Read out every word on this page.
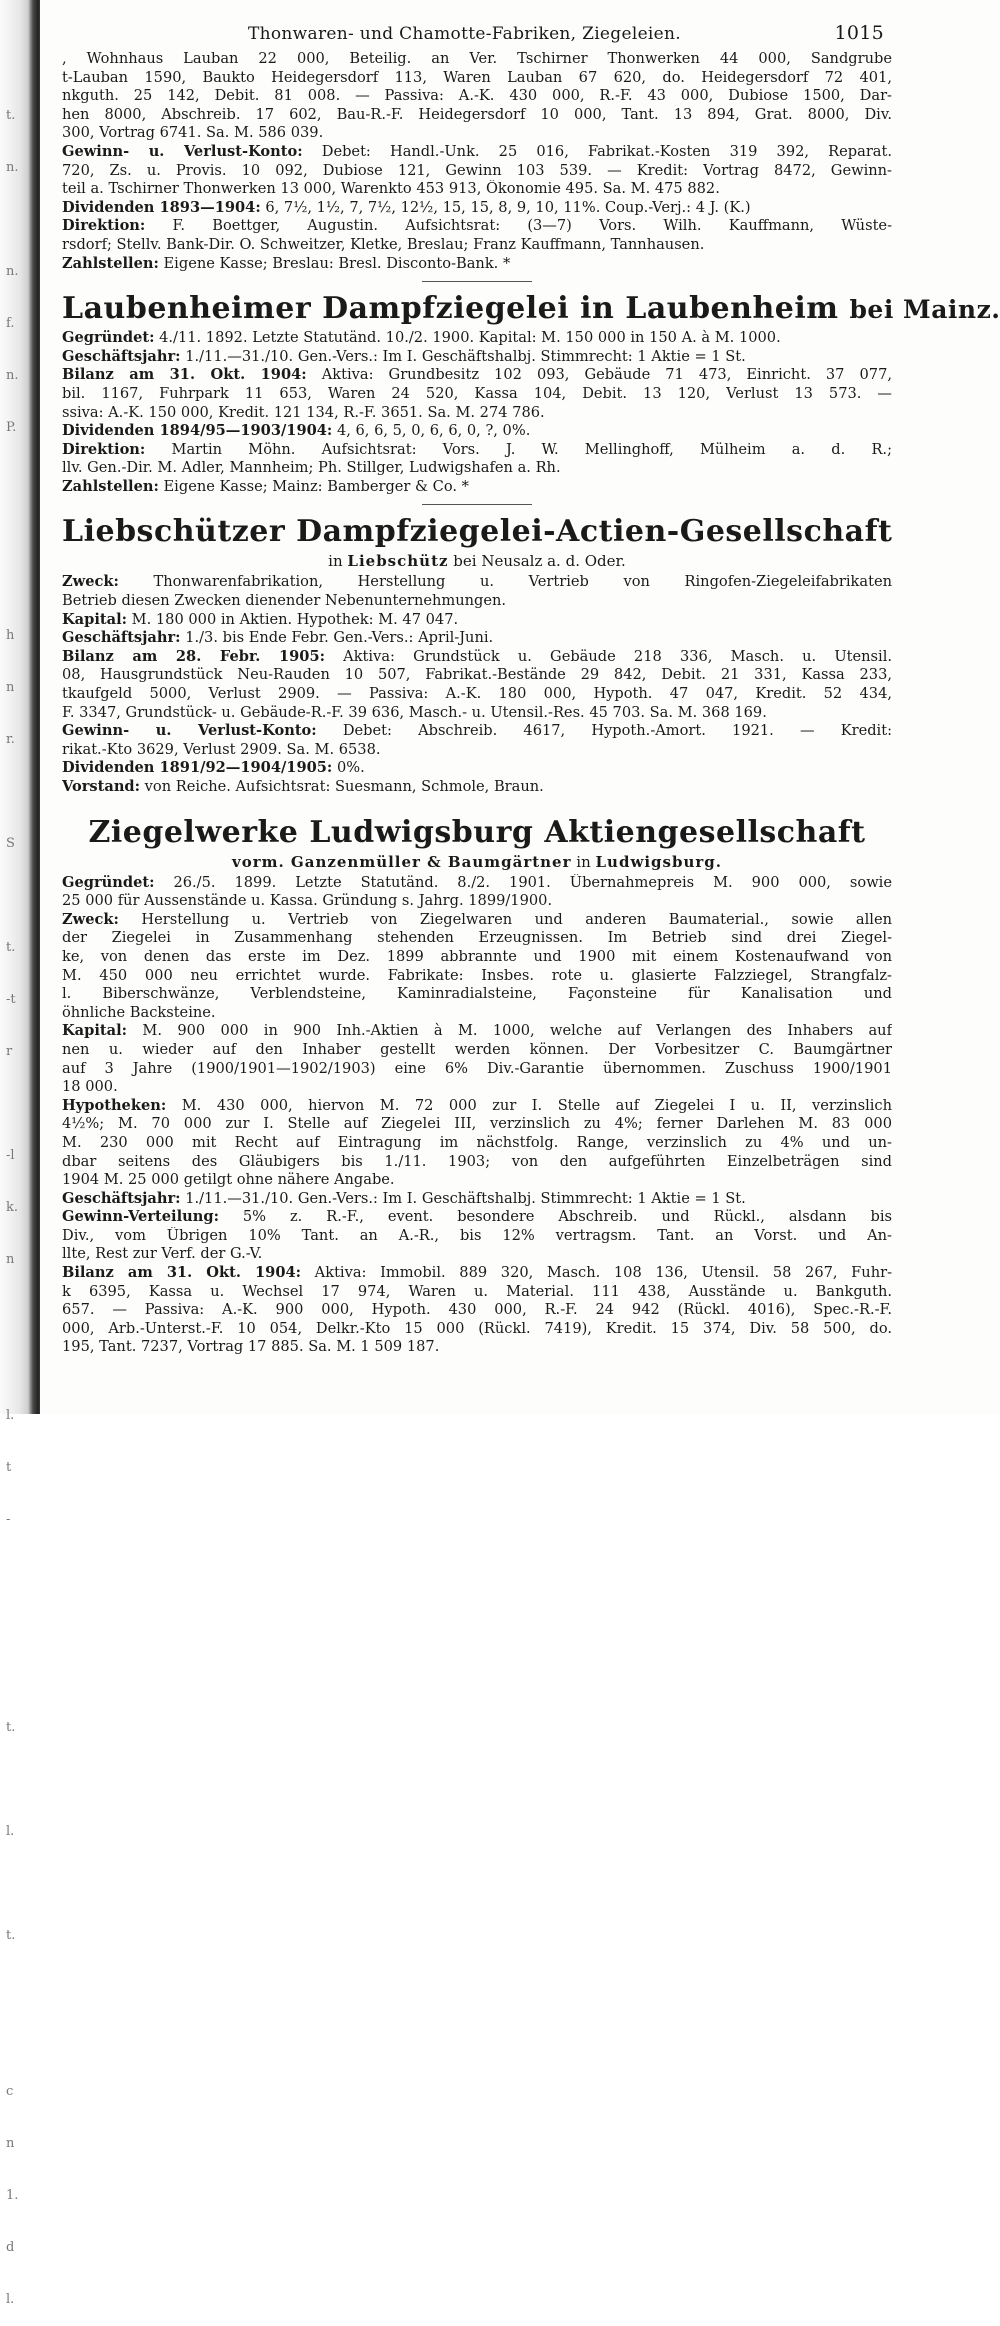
t.
n.

n.
f.
n.
P.

h
n
r.

S

t.
-t
r

-l
k.
n

l.
t
-

t.

l.

t.

c
n
1.
d
l.
Thonwaren- und Chamotte-Fabriken, Ziegeleien.	1015

, Wohnhaus Lauban 22 000, Beteilig. an Ver. Tschirner Thonwerken 44 000, Sandgrube

t-Lauban 1590, Baukto Heidegersdorf 113, Waren Lauban 67 620, do. Heidegersdorf 72 401,

nkguth. 25 142, Debit. 81 008. — Passiva: A.-K. 430 000, R.-F. 43 000, Dubiose 1500, Dar-

hen 8000, Abschreib. 17 602, Bau-R.-F. Heidegersdorf 10 000, Tant. 13 894, Grat. 8000, Div.

300, Vortrag 6741. Sa. M. 586 039.

Gewinn- u. Verlust-Konto: Debet: Handl.-Unk. 25 016, Fabrikat.-Kosten 319 392, Reparat.

720, Zs. u. Provis. 10 092, Dubiose 121, Gewinn 103 539. — Kredit: Vortrag 8472, Gewinn-

teil a. Tschirner Thonwerken 13 000, Warenkto 453 913, Ökonomie 495. Sa. M. 475 882.

Dividenden 1893—1904: 6, 7½, 1½, 7, 7½, 12½, 15, 15, 8, 9, 10, 11%. Coup.-Verj.: 4 J. (K.)

Direktion: F. Boettger, Augustin. Aufsichtsrat: (3—7) Vors. Wilh. Kauffmann, Wüste-

rsdorf; Stellv. Bank-Dir. O. Schweitzer, Kletke, Breslau; Franz Kauffmann, Tannhausen.

Zahlstellen: Eigene Kasse; Breslau: Bresl. Disconto-Bank. *

Laubenheimer Dampfziegelei in Laubenheim bei Mainz.

Gegründet: 4./11. 1892. Letzte Statutänd. 10./2. 1900. Kapital: M. 150 000 in 150 A. à M. 1000.

Geschäftsjahr: 1./11.—31./10. Gen.-Vers.: Im I. Geschäftshalbj. Stimmrecht: 1 Aktie = 1 St.

Bilanz am 31. Okt. 1904: Aktiva: Grundbesitz 102 093, Gebäude 71 473, Einricht. 37 077,

bil. 1167, Fuhrpark 11 653, Waren 24 520, Kassa 104, Debit. 13 120, Verlust 13 573. —

ssiva: A.-K. 150 000, Kredit. 121 134, R.-F. 3651. Sa. M. 274 786.

Dividenden 1894/95—1903/1904: 4, 6, 6, 5, 0, 6, 6, 0, ?, 0%.

Direktion: Martin Möhn. Aufsichtsrat: Vors. J. W. Mellinghoff, Mülheim a. d. R.;

llv. Gen.-Dir. M. Adler, Mannheim; Ph. Stillger, Ludwigshafen a. Rh.

Zahlstellen: Eigene Kasse; Mainz: Bamberger & Co. *

Liebschützer Dampfziegelei-Actien-Gesellschaft

in Liebschütz bei Neusalz a. d. Oder.

Zweck: Thonwarenfabrikation, Herstellung u. Vertrieb von Ringofen-Ziegeleifabrikaten

Betrieb diesen Zwecken dienender Nebenunternehmungen.

Kapital: M. 180 000 in Aktien. Hypothek: M. 47 047.

Geschäftsjahr: 1./3. bis Ende Febr. Gen.-Vers.: April-Juni.

Bilanz am 28. Febr. 1905: Aktiva: Grundstück u. Gebäude 218 336, Masch. u. Utensil.

08, Hausgrundstück Neu-Rauden 10 507, Fabrikat.-Bestände 29 842, Debit. 21 331, Kassa 233,

tkaufgeld 5000, Verlust 2909. — Passiva: A.-K. 180 000, Hypoth. 47 047, Kredit. 52 434,

F. 3347, Grundstück- u. Gebäude-R.-F. 39 636, Masch.- u. Utensil.-Res. 45 703. Sa. M. 368 169.

Gewinn- u. Verlust-Konto: Debet: Abschreib. 4617, Hypoth.-Amort. 1921. — Kredit:

rikat.-Kto 3629, Verlust 2909. Sa. M. 6538.

Dividenden 1891/92—1904/1905: 0%.

Vorstand: von Reiche. Aufsichtsrat: Suesmann, Schmole, Braun.

Ziegelwerke Ludwigsburg Aktiengesellschaft

vorm. Ganzenmüller & Baumgärtner in Ludwigsburg.

Gegründet: 26./5. 1899. Letzte Statutänd. 8./2. 1901. Übernahmepreis M. 900 000, sowie

25 000 für Aussenstände u. Kassa. Gründung s. Jahrg. 1899/1900.

Zweck: Herstellung u. Vertrieb von Ziegelwaren und anderen Baumaterial., sowie allen

der Ziegelei in Zusammenhang stehenden Erzeugnissen. Im Betrieb sind drei Ziegel-

ke, von denen das erste im Dez. 1899 abbrannte und 1900 mit einem Kostenaufwand von

M. 450 000 neu errichtet wurde. Fabrikate: Insbes. rote u. glasierte Falzziegel, Strangfalz-

l. Biberschwänze, Verblendsteine, Kaminradialsteine, Façonsteine für Kanalisation und

öhnliche Backsteine.

Kapital: M. 900 000 in 900 Inh.-Aktien à M. 1000, welche auf Verlangen des Inhabers auf

nen u. wieder auf den Inhaber gestellt werden können. Der Vorbesitzer C. Baumgärtner

auf 3 Jahre (1900/1901—1902/1903) eine 6% Div.-Garantie übernommen. Zuschuss 1900/1901

18 000.

Hypotheken: M. 430 000, hiervon M. 72 000 zur I. Stelle auf Ziegelei I u. II, verzinslich

4½%; M. 70 000 zur I. Stelle auf Ziegelei III, verzinslich zu 4%; ferner Darlehen M. 83 000

M. 230 000 mit Recht auf Eintragung im nächstfolg. Range, verzinslich zu 4% und un-

dbar seitens des Gläubigers bis 1./11. 1903; von den aufgeführten Einzelbeträgen sind

1904 M. 25 000 getilgt ohne nähere Angabe.

Geschäftsjahr: 1./11.—31./10. Gen.-Vers.: Im I. Geschäftshalbj. Stimmrecht: 1 Aktie = 1 St.

Gewinn-Verteilung: 5% z. R.-F., event. besondere Abschreib. und Rückl., alsdann bis

Div., vom Übrigen 10% Tant. an A.-R., bis 12% vertragsm. Tant. an Vorst. und An-

llte, Rest zur Verf. der G.-V.

Bilanz am 31. Okt. 1904: Aktiva: Immobil. 889 320, Masch. 108 136, Utensil. 58 267, Fuhr-

k 6395, Kassa u. Wechsel 17 974, Waren u. Material. 111 438, Ausstände u. Bankguth.

657. — Passiva: A.-K. 900 000, Hypoth. 430 000, R.-F. 24 942 (Rückl. 4016), Spec.-R.-F.

000, Arb.-Unterst.-F. 10 054, Delkr.-Kto 15 000 (Rückl. 7419), Kredit. 15 374, Div. 58 500, do.

195, Tant. 7237, Vortrag 17 885. Sa. M. 1 509 187.
